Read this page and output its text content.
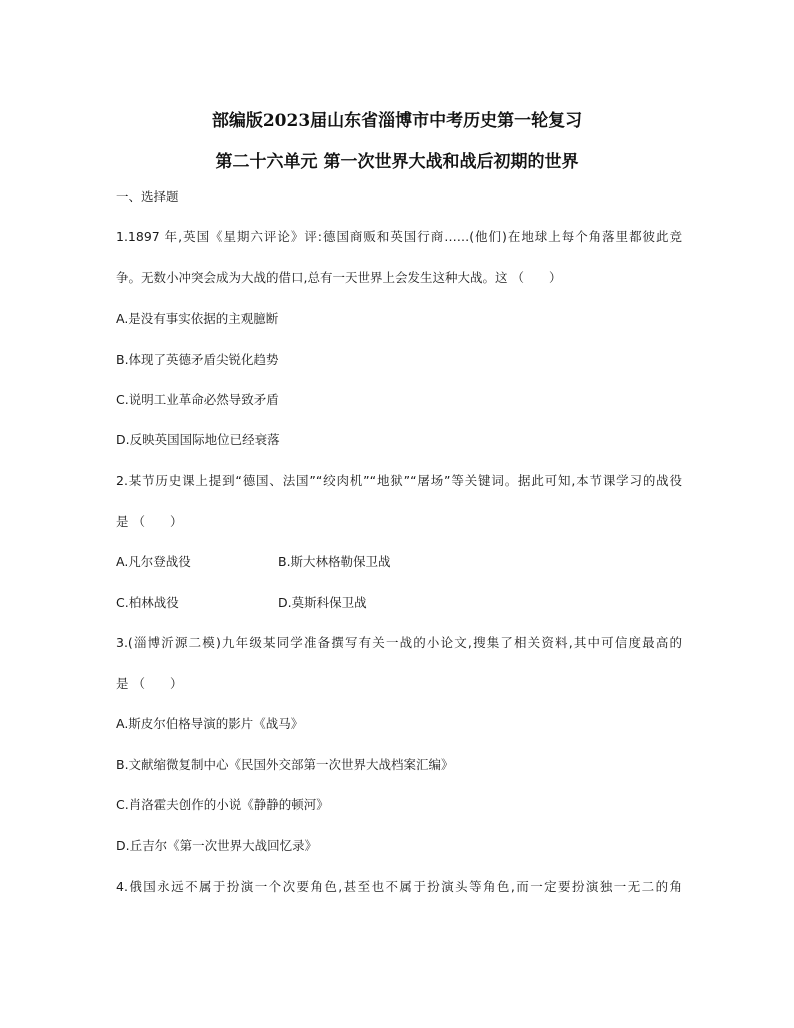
部编版2023届山东省淄博市中考历史第一轮复习
第二十六单元 第一次世界大战和战后初期的世界
一、选择题
1.1897 年,英国《星期六评论》评:德国商贩和英国行商……(他们)在地球上每个角落里都彼此竞
争。无数小冲突会成为大战的借口,总有一天世界上会发生这种大战。这 （　　）
A.是没有事实依据的主观臆断
B.体现了英德矛盾尖锐化趋势
C.说明工业革命必然导致矛盾
D.反映英国国际地位已经衰落
2.某节历史课上提到“德国、法国”“绞肉机”“地狱”“屠场”等关键词。据此可知,本节课学习的战役
是 （　　）
A.凡尔登战役	B.斯大林格勒保卫战
C.柏林战役	D.莫斯科保卫战
3.(淄博沂源二模)九年级某同学准备撰写有关一战的小论文,搜集了相关资料,其中可信度最高的
是 （　　）
A.斯皮尔伯格导演的影片《战马》
B.文献缩微复制中心《民国外交部第一次世界大战档案汇编》
C.肖洛霍夫创作的小说《静静的顿河》
D.丘吉尔《第一次世界大战回忆录》
4.俄国永远不属于扮演一个次要角色,甚至也不属于扮演头等角色,而一定要扮演独一无二的角
